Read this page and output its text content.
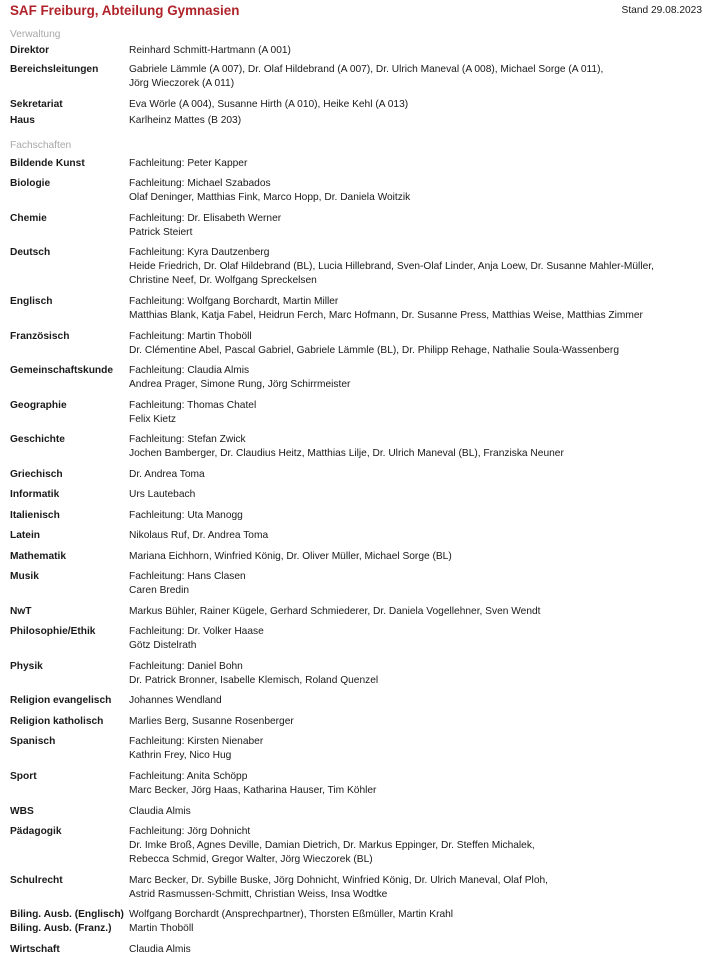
SAF Freiburg, Abteilung Gymnasien	Stand 29.08.2023
Verwaltung
Fachschaften
Direktor	Reinhard Schmitt-Hartmann (A 001)
Bereichsleitungen	Gabriele Lämmle (A 007), Dr. Olaf Hildebrand (A 007), Dr. Ulrich Maneval (A 008), Michael Sorge (A 011),
Jörg Wieczorek (A 011)
Sekretariat	Eva Wörle (A 004), Susanne Hirth (A 010), Heike Kehl (A 013)
Haus	Karlheinz Mattes (B 203)
Bildende Kunst	Fachleitung: Peter Kapper
Biologie	Fachleitung: Michael Szabados
Olaf Deninger, Matthias Fink, Marco Hopp, Dr. Daniela Woitzik
Chemie	Fachleitung: Dr. Elisabeth Werner
Patrick Steiert
Deutsch	Fachleitung: Kyra Dautzenberg
Heide Friedrich, Dr. Olaf Hildebrand (BL), Lucia Hillebrand, Sven-Olaf Linder, Anja Loew, Dr. Susanne Mahler-Müller,
Christine Neef, Dr. Wolfgang Spreckelsen
Englisch	Fachleitung: Wolfgang Borchardt, Martin Miller
Matthias Blank, Katja Fabel, Heidrun Ferch, Marc Hofmann, Dr. Susanne Press, Matthias Weise, Matthias Zimmer
Französisch	Fachleitung: Martin Thoböll
Dr. Clémentine Abel, Pascal Gabriel, Gabriele Lämmle (BL), Dr. Philipp Rehage, Nathalie Soula-Wassenberg
Gemeinschaftskunde Fachleitung: Claudia Almis
Andrea Prager, Simone Rung, Jörg Schirrmeister
Geographie	Fachleitung: Thomas Chatel
Felix Kietz
Geschichte	Fachleitung: Stefan Zwick
Jochen Bamberger, Dr. Claudius Heitz, Matthias Lilje, Dr. Ulrich Maneval (BL), Franziska Neuner
Griechisch	Dr. Andrea Toma
Informatik	Urs Lautebach
Italienisch	Fachleitung: Uta Manogg
Latein	Nikolaus Ruf, Dr. Andrea Toma
Mathematik	Mariana Eichhorn, Winfried König, Dr. Oliver Müller, Michael Sorge (BL)
Musik	Fachleitung: Hans Clasen
Caren Bredin
NwT	Markus Bühler, Rainer Kügele, Gerhard Schmiederer, Dr. Daniela Vogellehner, Sven Wendt
Philosophie/Ethik	Fachleitung: Dr. Volker Haase
Götz Distelrath
Physik	Fachleitung: Daniel Bohn
Dr. Patrick Bronner, Isabelle Klemisch, Roland Quenzel
Religion evangelisch Johannes Wendland
Religion katholisch	Marlies Berg, Susanne Rosenberger
Spanisch	Fachleitung: Kirsten Nienaber
Kathrin Frey, Nico Hug
Sport	Fachleitung: Anita Schöpp
Marc Becker, Jörg Haas, Katharina Hauser, Tim Köhler
WBS	Claudia Almis
Pädagogik	Fachleitung: Jörg Dohnicht
Dr. Imke Broß, Agnes Deville, Damian Dietrich, Dr. Markus Eppinger, Dr. Steffen Michalek,
Rebecca Schmid, Gregor Walter, Jörg Wieczorek (BL)
Schulrecht	Marc Becker, Dr. Sybille Buske, Jörg Dohnicht, Winfried König, Dr. Ulrich Maneval, Olaf Ploh,
Astrid Rasmussen-Schmitt, Christian Weiss, Insa Wodtke
Biling. Ausb. (Englisch) Wolfgang Borchardt (Ansprechpartner), Thorsten Eßmüller, Martin Krahl
Biling. Ausb. (Franz.) Martin Thoböll
Wirtschaft	Claudia Almis
